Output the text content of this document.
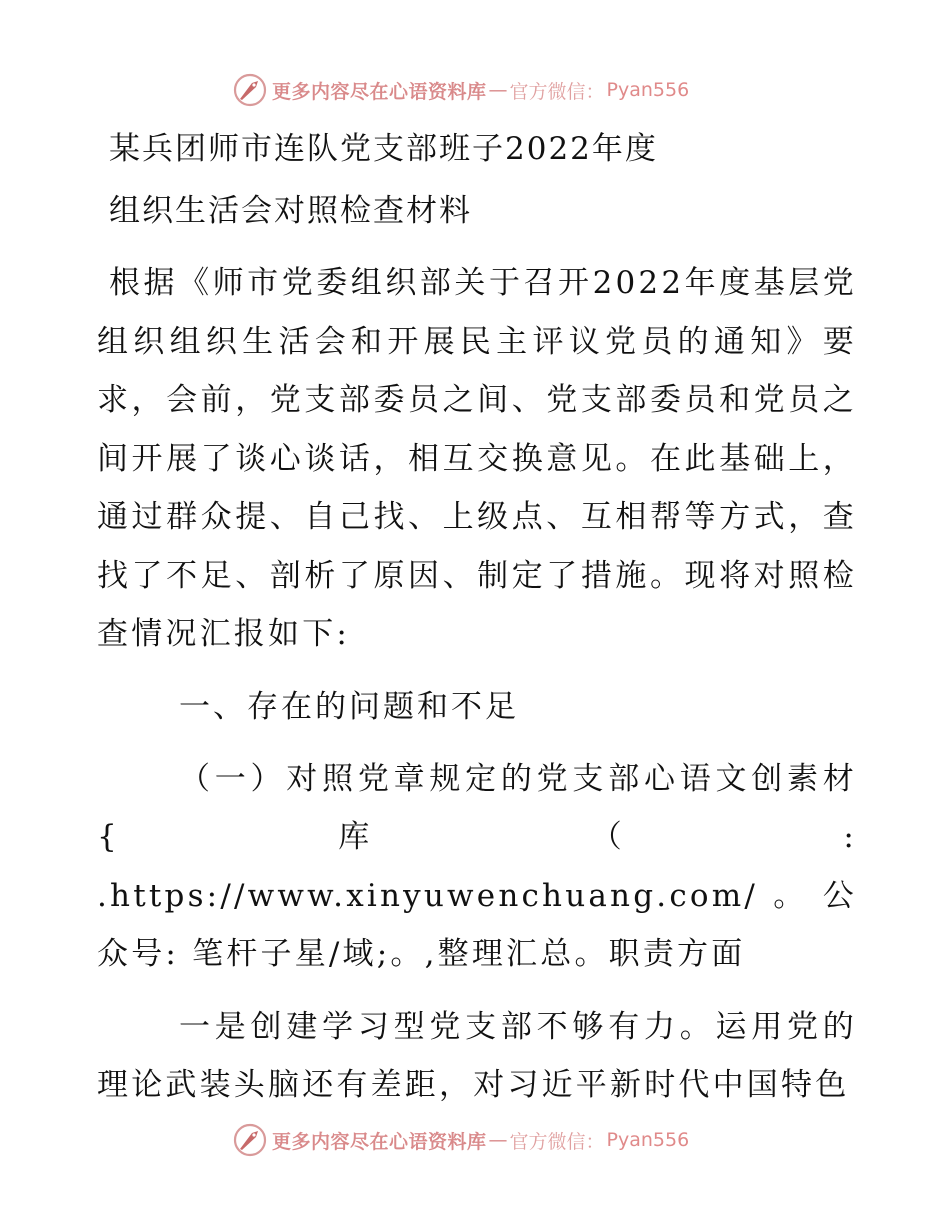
更多内容尽在心语资料库 — 官方微信： Pyan556

某兵团师市连队党支部班子2022年度

组织生活会对照检查材料

根据《师市党委组织部关于召开2022年度基层党组织组织生活会和开展民主评议党员的通知》要求，会前，党支部委员之间、党支部委员和党员之间开展了谈心谈话，相互交换意见。在此基础上，通过群众提、自己找、上级点、互相帮等方式，查找了不足、剖析了原因、制定了措施。现将对照检查情况汇报如下:

一、存在的问题和不足

（一）对照党章规定的党支部心语文创素材{库（: .https://www.xinyuwenchuang.com/。公众号: 笔杆子星/域;。,整理汇总。职责方面

一是创建学习型党支部不够有力。运用党的理论武装头脑还有差距，对习近平新时代中国特色

更多内容尽在心语资料库 — 官方微信： Pyan556
